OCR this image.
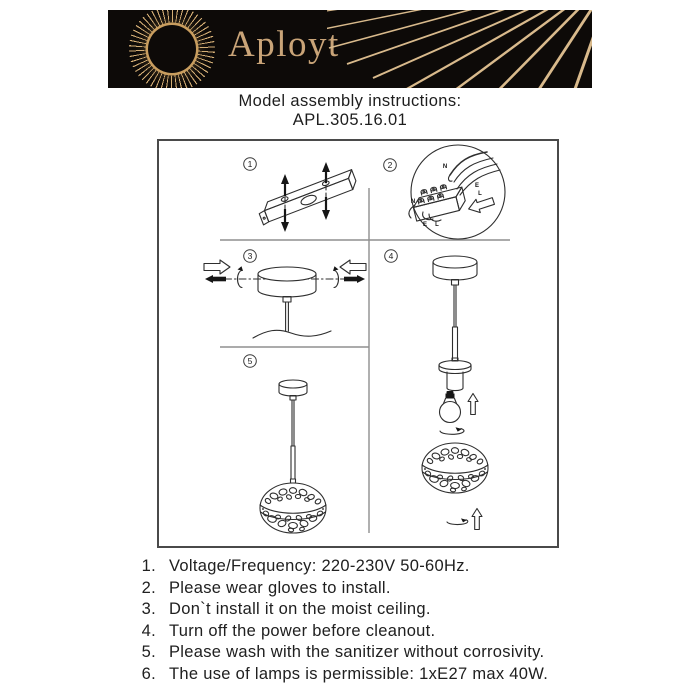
Aployt
Model assembly instructions:
APL.305.16.01
1	2
3	4
5
N
E
L
N
E L
1. Voltage/Frequency: 220-230V 50-60Hz.
2. Please wear gloves to install.
3. Don`t install it on the moist ceiling.
4. Turn off the power before cleanout.
5. Please wash with the sanitizer without corrosivity.
6. The use of lamps is permissible: 1xE27 max 40W.
